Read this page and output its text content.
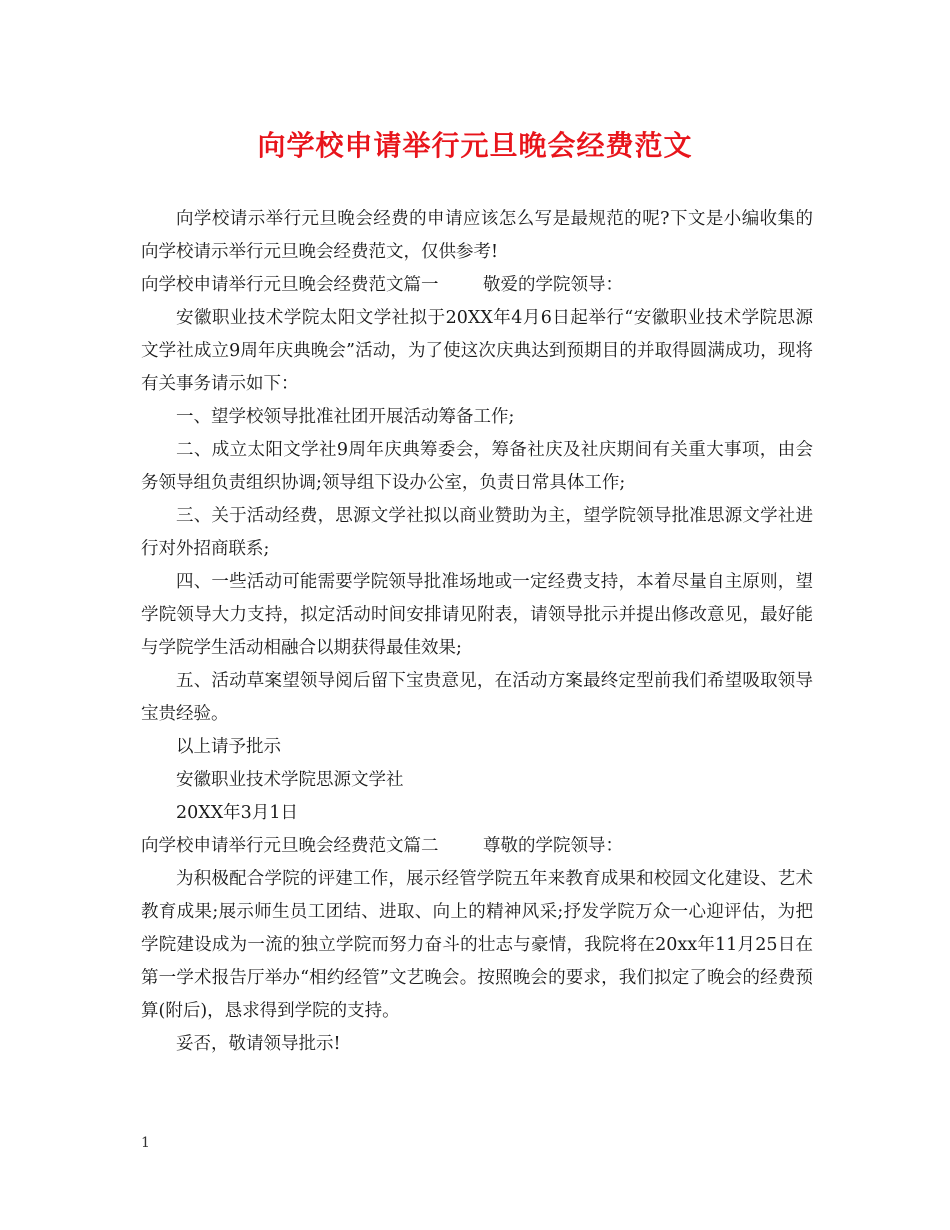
向学校申请举行元旦晚会经费范文

向学校请示举行元旦晚会经费的申请应该怎么写是最规范的呢?下文是小编收集的向学校请示举行元旦晚会经费范文，仅供参考!

向学校申请举行元旦晚会经费范文篇一        敬爱的学院领导：

安徽职业技术学院太阳文学社拟于20XX年4月6日起举行“安徽职业技术学院思源文学社成立9周年庆典晚会”活动，为了使这次庆典达到预期目的并取得圆满成功，现将有关事务请示如下：

一、望学校领导批准社团开展活动筹备工作;

二、成立太阳文学社9周年庆典筹委会，筹备社庆及社庆期间有关重大事项，由会务领导组负责组织协调;领导组下设办公室，负责日常具体工作;

三、关于活动经费，思源文学社拟以商业赞助为主，望学院领导批准思源文学社进行对外招商联系;

四、一些活动可能需要学院领导批准场地或一定经费支持，本着尽量自主原则，望学院领导大力支持，拟定活动时间安排请见附表，请领导批示并提出修改意见，最好能与学院学生活动相融合以期获得最佳效果;

五、活动草案望领导阅后留下宝贵意见，在活动方案最终定型前我们希望吸取领导宝贵经验。

以上请予批示

安徽职业技术学院思源文学社

20XX年3月1日

向学校申请举行元旦晚会经费范文篇二        尊敬的学院领导：

为积极配合学院的评建工作，展示经管学院五年来教育成果和校园文化建设、艺术教育成果;展示师生员工团结、进取、向上的精神风采;抒发学院万众一心迎评估，为把学院建设成为一流的独立学院而努力奋斗的壮志与豪情，我院将在20xx年11月25日在第一学术报告厅举办“相约经管”文艺晚会。按照晚会的要求，我们拟定了晚会的经费预算(附后)，恳求得到学院的支持。

妥否，敬请领导批示!

1
